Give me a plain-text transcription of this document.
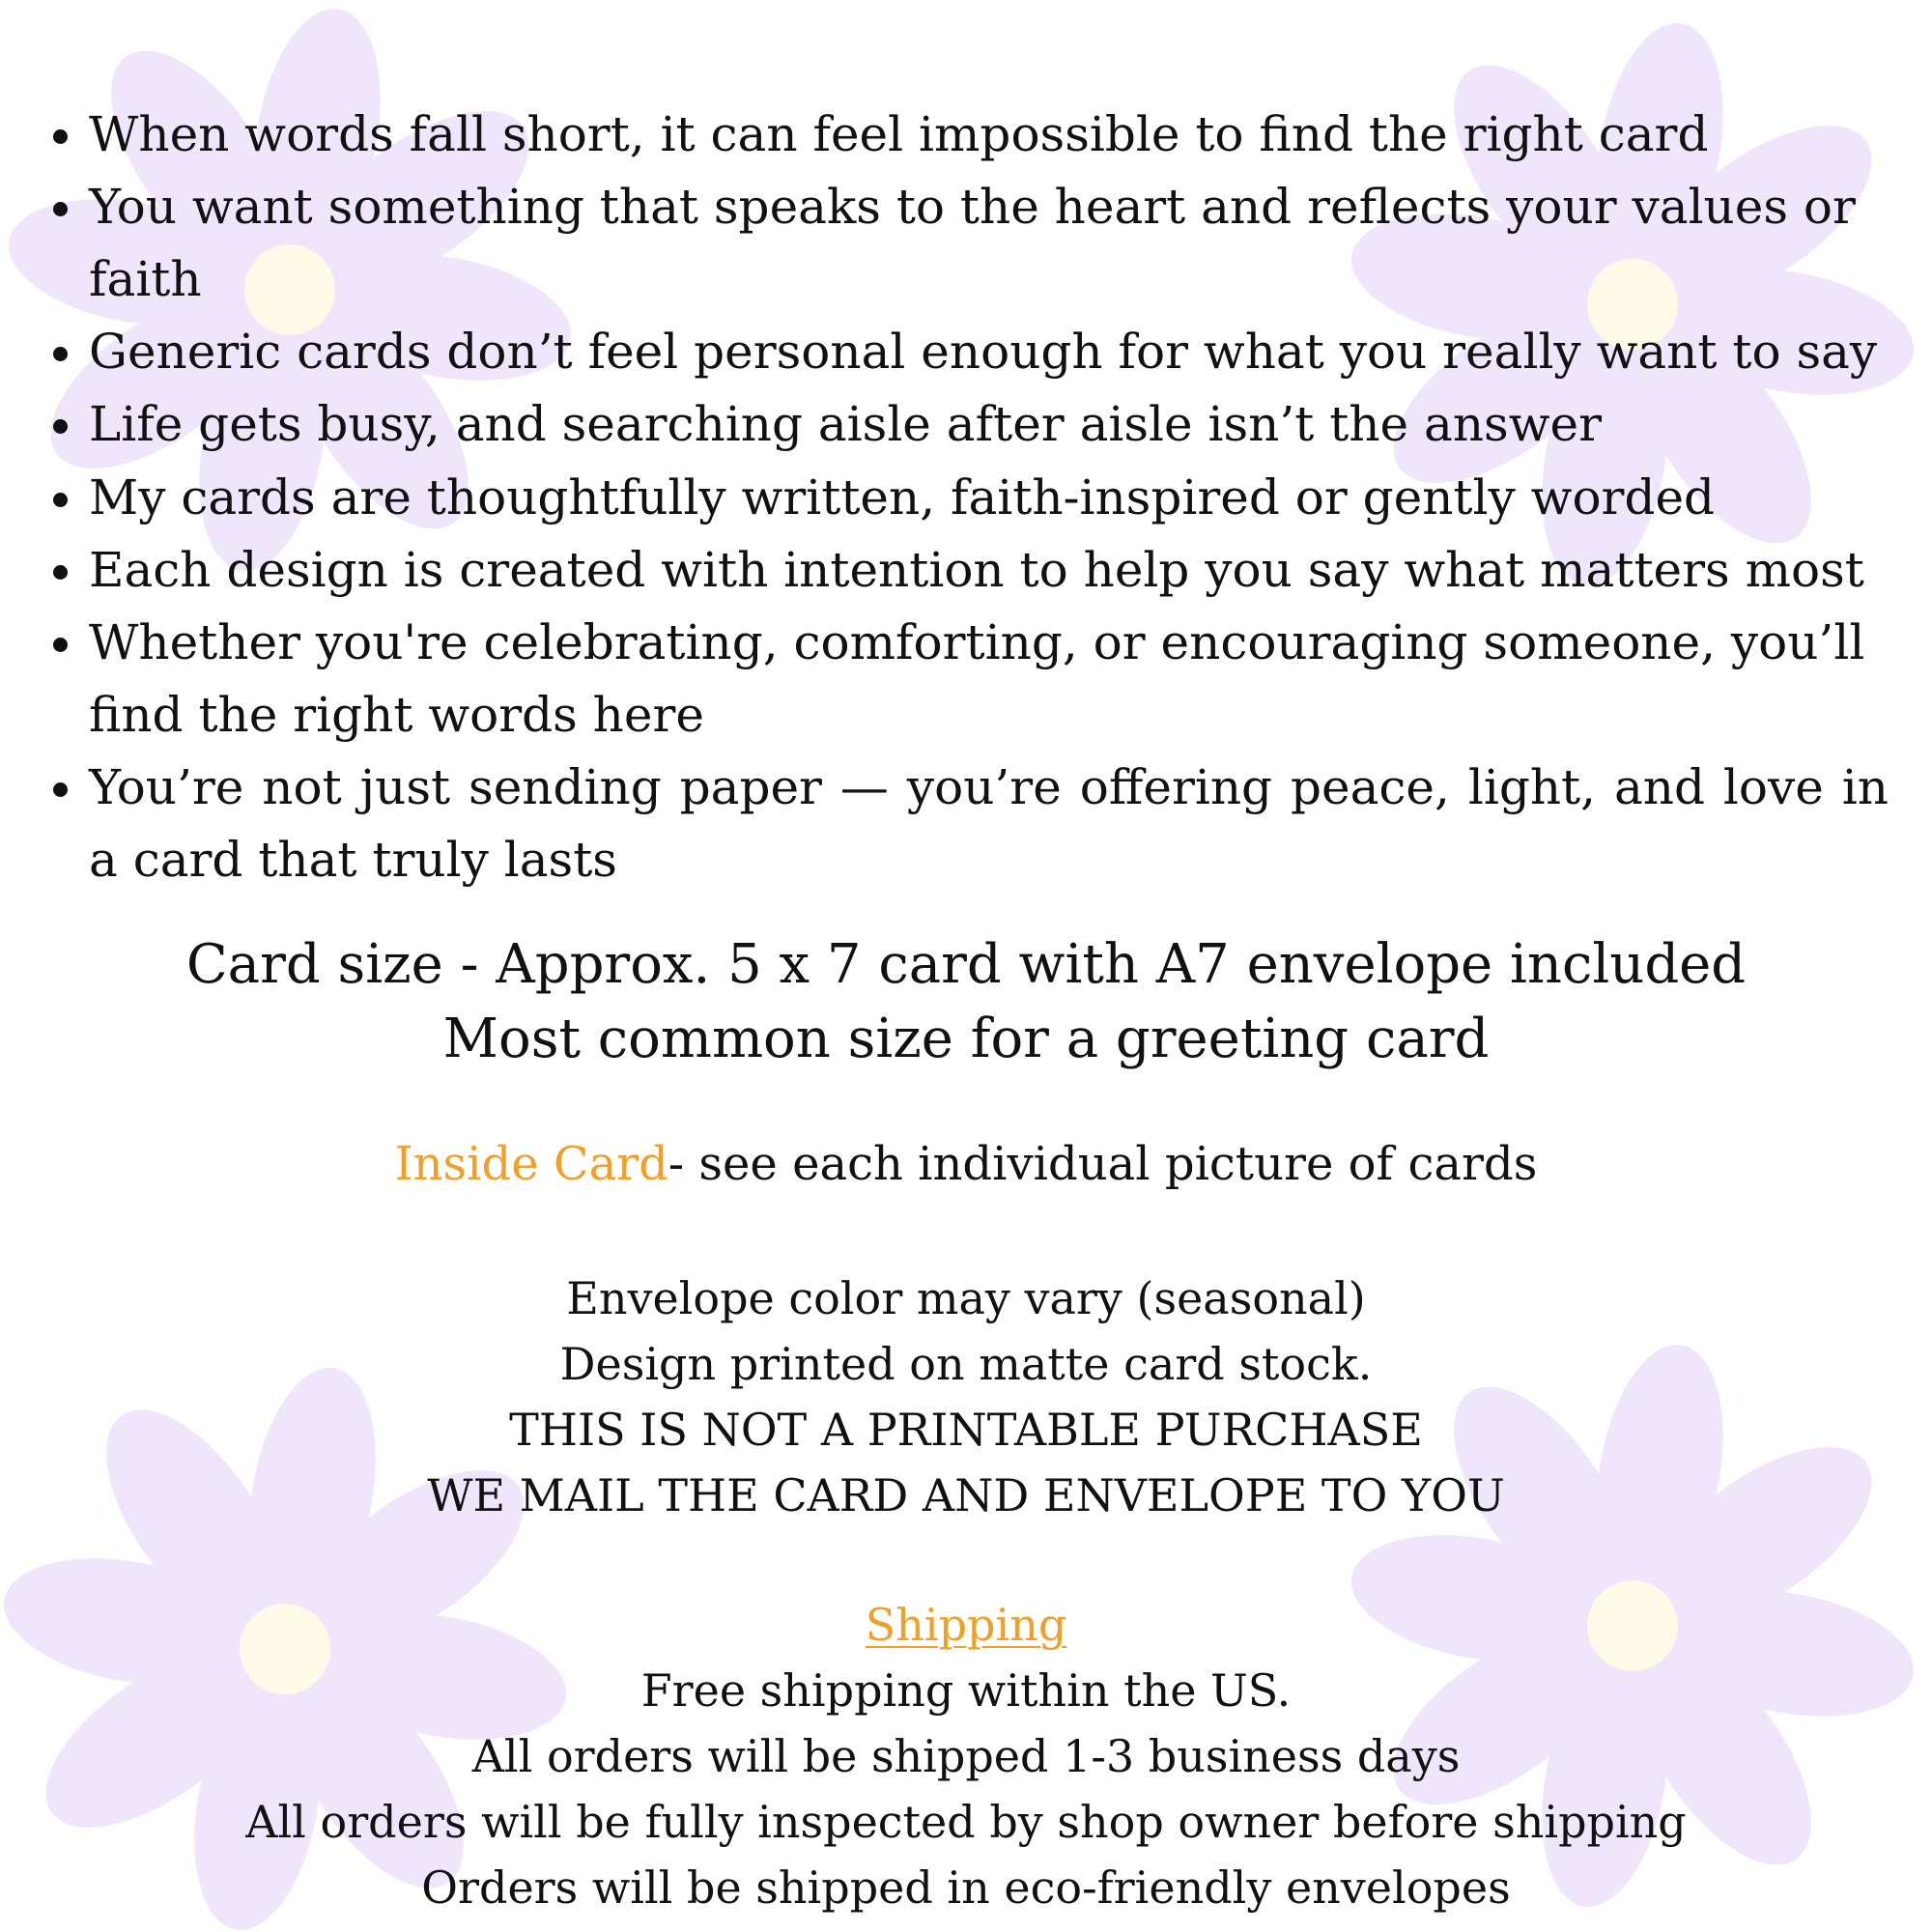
• When words fall short, it can feel impossible to find the right card
• You want something that speaks to the heart and reflects your values or faith
• Generic cards don’t feel personal enough for what you really want to say
• Life gets busy, and searching aisle after aisle isn’t the answer
• My cards are thoughtfully written, faith-inspired or gently worded
• Each design is created with intention to help you say what matters most
• Whether you're celebrating, comforting, or encouraging someone, you’ll find the right words here
• You’re not just sending paper — you’re offering peace, light, and love in a card that truly lasts
Card size - Approx. 5 x 7 card with A7 envelope included
Most common size for a greeting card
Inside Card- see each individual picture of cards
Envelope color may vary (seasonal)
Design printed on matte card stock.
THIS IS NOT A PRINTABLE PURCHASE
WE MAIL THE CARD AND ENVELOPE TO YOU
Shipping
Free shipping within the US.
All orders will be shipped 1-3 business days
All orders will be fully inspected by shop owner before shipping
Orders will be shipped in eco-friendly envelopes
